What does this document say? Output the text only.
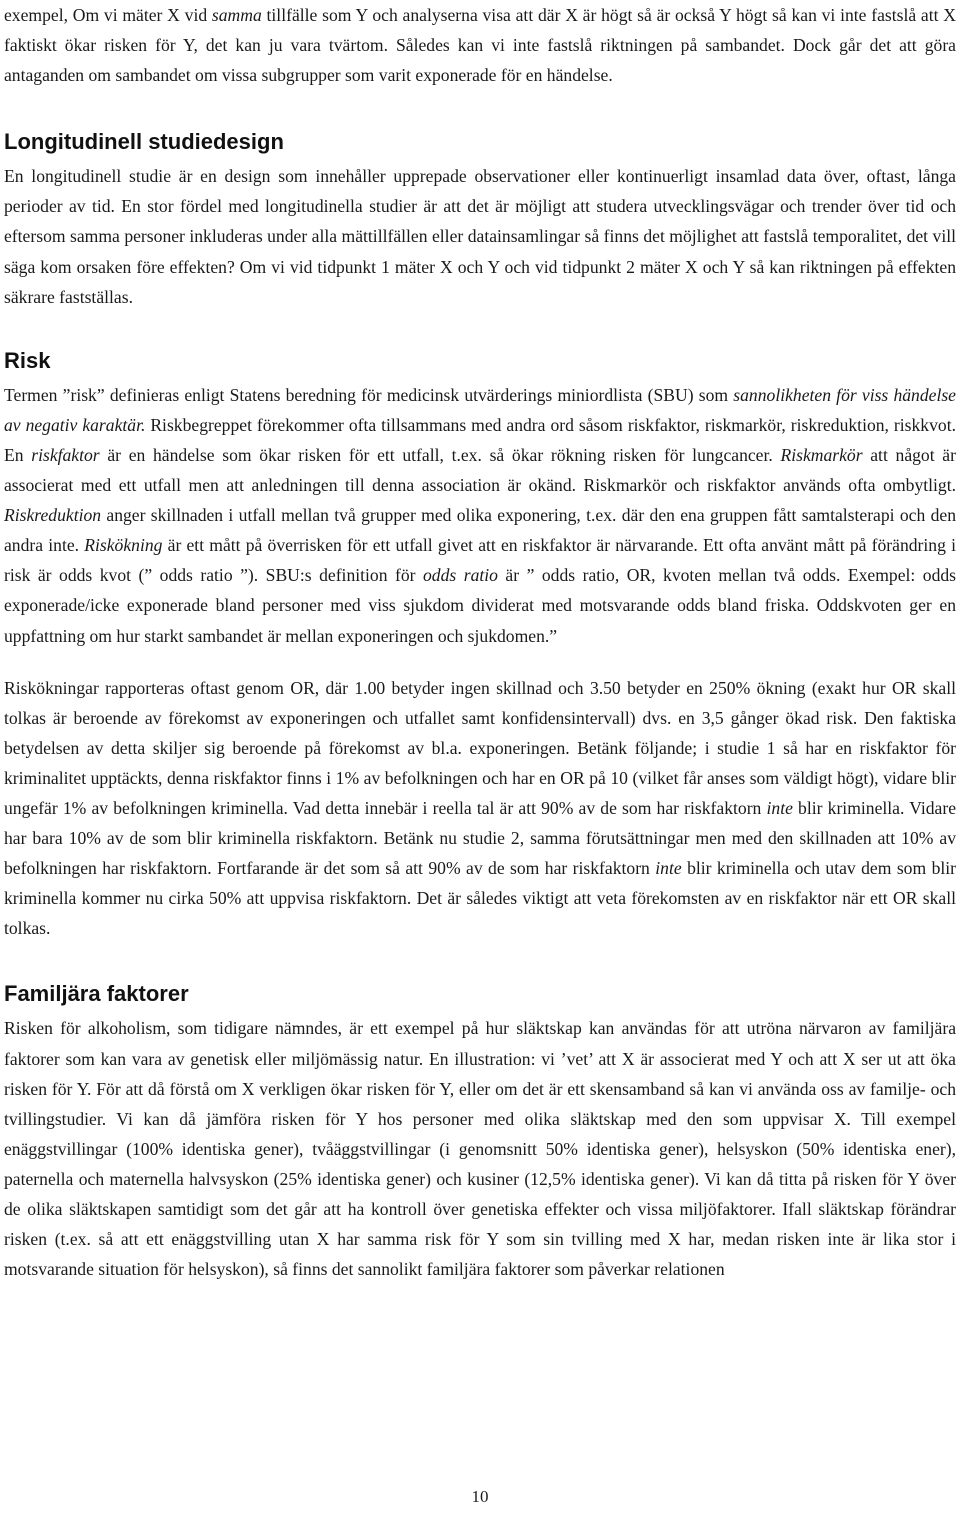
exempel, Om vi mäter X vid samma tillfälle som Y och analyserna visa att där X är högt så är också Y högt så kan vi inte fastslå att X faktiskt ökar risken för Y, det kan ju vara tvärtom. Således kan vi inte fastslå riktningen på sambandet. Dock går det att göra antaganden om sambandet om vissa subgrupper som varit exponerade för en händelse.

Longitudinell studiedesign

En longitudinell studie är en design som innehåller upprepade observationer eller kontinuerligt insamlad data över, oftast, långa perioder av tid. En stor fördel med longitudinella studier är att det är möjligt att studera utvecklingsvägar och trender över tid och eftersom samma personer inkluderas under alla mättillfällen eller datainsamlingar så finns det möjlighet att fastslå temporalitet, det vill säga kom orsaken före effekten? Om vi vid tidpunkt 1 mäter X och Y och vid tidpunkt 2 mäter X och Y så kan riktningen på effekten säkrare fastställas.

Risk

Termen ”risk” definieras enligt Statens beredning för medicinsk utvärderings miniordlista (SBU) som sannolikheten för viss händelse av negativ karaktär. Riskbegreppet förekommer ofta tillsammans med andra ord såsom riskfaktor, riskmarkör, riskreduktion, riskkvot. En riskfaktor är en händelse som ökar risken för ett utfall, t.ex. så ökar rökning risken för lungcancer. Riskmarkör att något är associerat med ett utfall men att anledningen till denna association är okänd. Riskmarkör och riskfaktor används ofta ombytligt. Riskreduktion anger skillnaden i utfall mellan två grupper med olika exponering, t.ex. där den ena gruppen fått samtalsterapi och den andra inte. Riskökning är ett mått på överrisken för ett utfall givet att en riskfaktor är närvarande. Ett ofta använt mått på förändring i risk är odds kvot (” odds ratio ”). SBU:s definition för odds ratio är ” odds ratio, OR, kvoten mellan två odds. Exempel: odds exponerade/icke exponerade bland personer med viss sjukdom dividerat med motsvarande odds bland friska. Oddskvoten ger en uppfattning om hur starkt sambandet är mellan exponeringen och sjukdomen.”

Riskökningar rapporteras oftast genom OR, där 1.00 betyder ingen skillnad och 3.50 betyder en 250% ökning (exakt hur OR skall tolkas är beroende av förekomst av exponeringen och utfallet samt konfidensintervall) dvs. en 3,5 gånger ökad risk. Den faktiska betydelsen av detta skiljer sig beroende på förekomst av bl.a. exponeringen. Betänk följande; i studie 1 så har en riskfaktor för kriminalitet upptäckts, denna riskfaktor finns i 1% av befolkningen och har en OR på 10 (vilket får anses som väldigt högt), vidare blir ungefär 1% av befolkningen kriminella. Vad detta innebär i reella tal är att 90% av de som har riskfaktorn inte blir kriminella. Vidare har bara 10% av de som blir kriminella riskfaktorn. Betänk nu studie 2, samma förutsättningar men med den skillnaden att 10% av befolkningen har riskfaktorn. Fortfarande är det som så att 90% av de som har riskfaktorn inte blir kriminella och utav dem som blir kriminella kommer nu cirka 50% att uppvisa riskfaktorn. Det är således viktigt att veta förekomsten av en riskfaktor när ett OR skall tolkas.

Familjära faktorer

Risken för alkoholism, som tidigare nämndes, är ett exempel på hur släktskap kan användas för att utröna närvaron av familjära faktorer som kan vara av genetisk eller miljömässig natur. En illustration: vi ’vet’ att X är associerat med Y och att X ser ut att öka risken för Y. För att då förstå om X verkligen ökar risken för Y, eller om det är ett skensamband så kan vi använda oss av familje- och tvillingstudier. Vi kan då jämföra risken för Y hos personer med olika släktskap med den som uppvisar X. Till exempel enäggstvillingar (100% identiska gener), tvåäggstvillingar (i genomsnitt 50% identiska gener), helsyskon (50% identiska ener), paternella och maternella halvsyskon (25% identiska gener) och kusiner (12,5% identiska gener). Vi kan då titta på risken för Y över de olika släktskapen samtidigt som det går att ha kontroll över genetiska effekter och vissa miljöfaktorer. Ifall släktskap förändrar risken (t.ex. så att ett enäggstvilling utan X har samma risk för Y som sin tvilling med X har, medan risken inte är lika stor i motsvarande situation för helsyskon), så finns det sannolikt familjära faktorer som påverkar relationen

10
